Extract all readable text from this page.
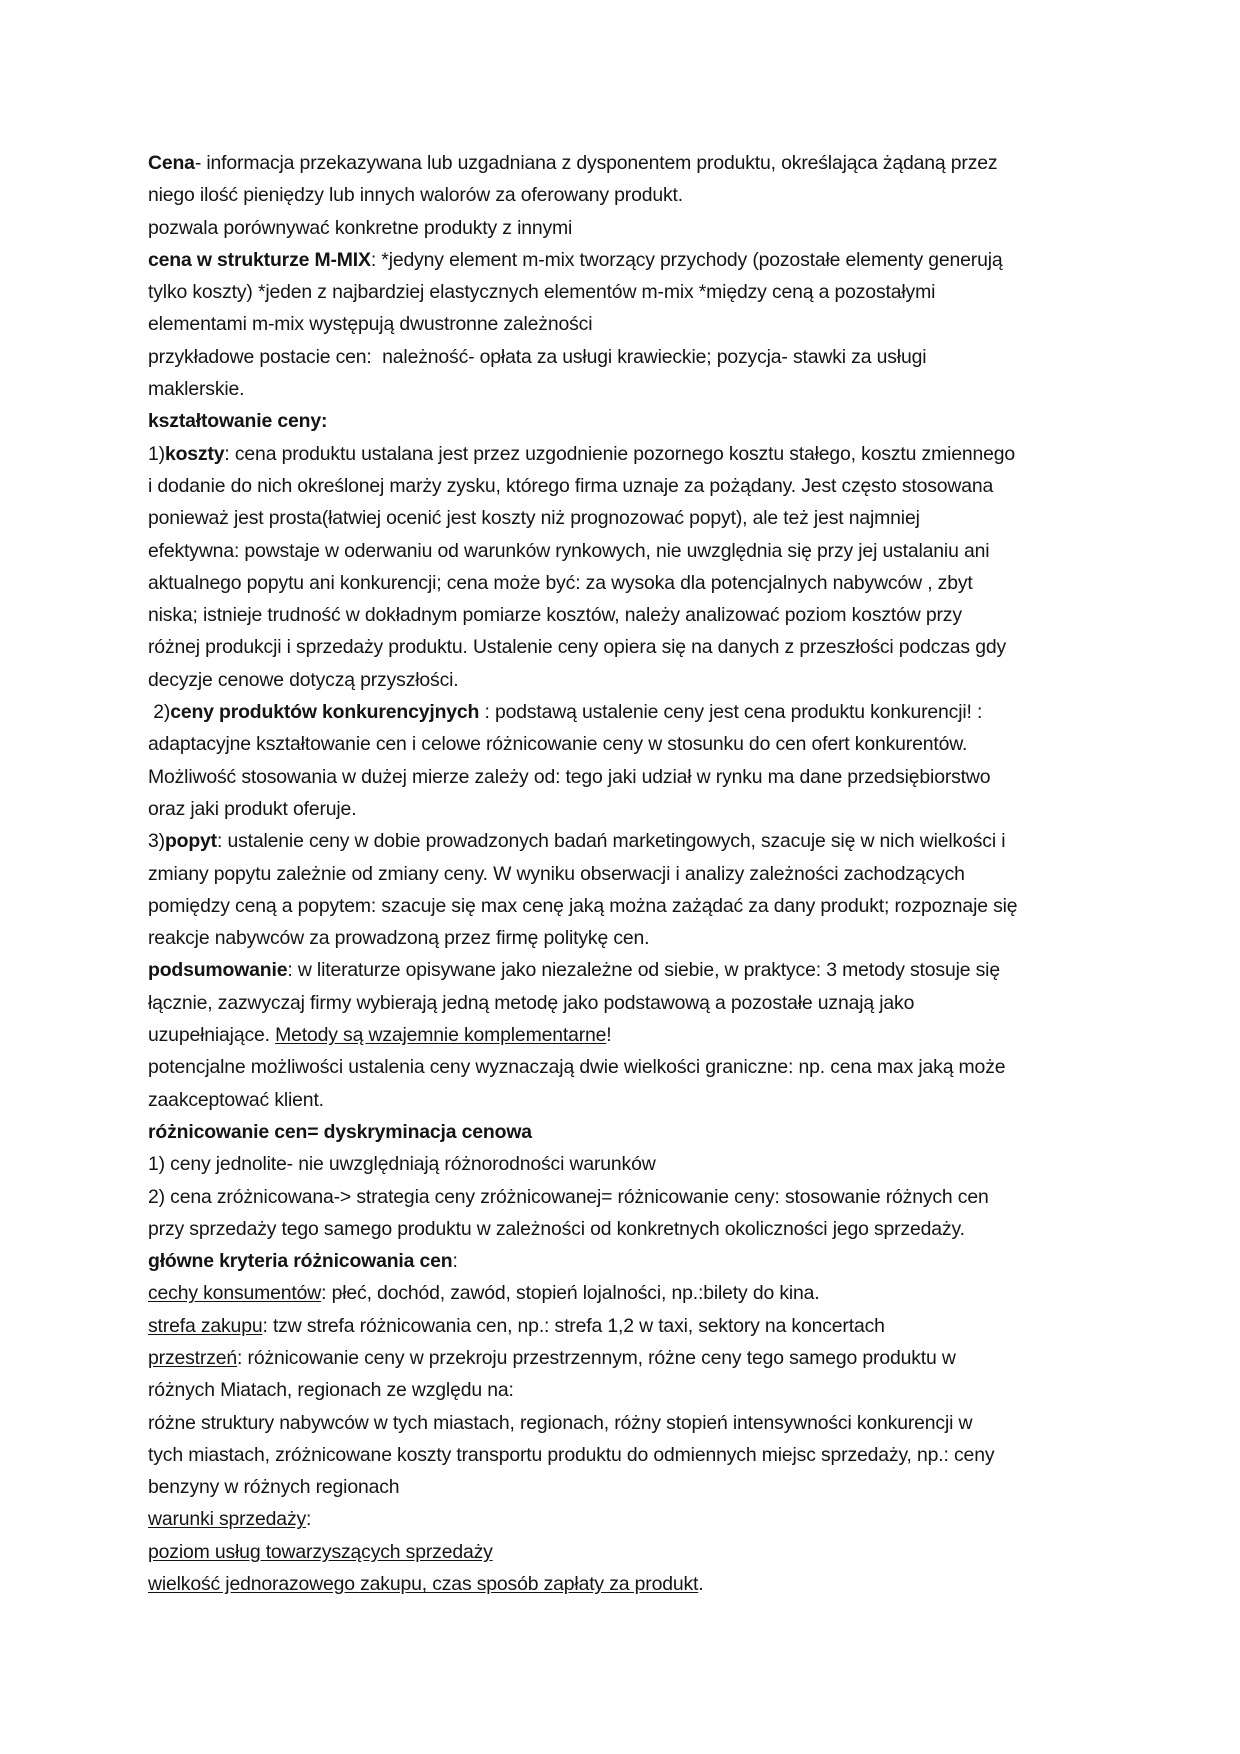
Cena- informacja przekazywana lub uzgadniana z dysponentem produktu, określająca żądaną przez
niego ilość pieniędzy lub innych walorów za oferowany produkt.
pozwala porównywać konkretne produkty z innymi
cena w strukturze M-MIX: *jedyny element m-mix tworzący przychody (pozostałe elementy generują
tylko koszty) *jeden z najbardziej elastycznych elementów m-mix *między ceną a pozostałymi
elementami m-mix występują dwustronne zależności
przykładowe postacie cen:  należność- opłata za usługi krawieckie; pozycja- stawki za usługi
maklerskie.
kształtowanie ceny:
1)koszty: cena produktu ustalana jest przez uzgodnienie pozornego kosztu stałego, kosztu zmiennego
i dodanie do nich określonej marży zysku, którego firma uznaje za pożądany. Jest często stosowana
ponieważ jest prosta(łatwiej ocenić jest koszty niż prognozować popyt), ale też jest najmniej
efektywna: powstaje w oderwaniu od warunków rynkowych, nie uwzględnia się przy jej ustalaniu ani
aktualnego popytu ani konkurencji; cena może być: za wysoka dla potencjalnych nabywców , zbyt
niska; istnieje trudność w dokładnym pomiarze kosztów, należy analizować poziom kosztów przy
różnej produkcji i sprzedaży produktu. Ustalenie ceny opiera się na danych z przeszłości podczas gdy
decyzje cenowe dotyczą przyszłości.
2)ceny produktów konkurencyjnych : podstawą ustalenie ceny jest cena produktu konkurencji! :
adaptacyjne kształtowanie cen i celowe różnicowanie ceny w stosunku do cen ofert konkurentów.
Możliwość stosowania w dużej mierze zależy od: tego jaki udział w rynku ma dane przedsiębiorstwo
oraz jaki produkt oferuje.
3)popyt: ustalenie ceny w dobie prowadzonych badań marketingowych, szacuje się w nich wielkości i
zmiany popytu zależnie od zmiany ceny. W wyniku obserwacji i analizy zależności zachodzących
pomiędzy ceną a popytem: szacuje się max cenę jaką można zażądać za dany produkt; rozpoznaje się
reakcje nabywców za prowadzoną przez firmę politykę cen.
podsumowanie: w literaturze opisywane jako niezależne od siebie, w praktyce: 3 metody stosuje się
łącznie, zazwyczaj firmy wybierają jedną metodę jako podstawową a pozostałe uznają jako
uzupełniające. Metody są wzajemnie komplementarne!
potencjalne możliwości ustalenia ceny wyznaczają dwie wielkości graniczne: np. cena max jaką może
zaakceptować klient.
różnicowanie cen= dyskryminacja cenowa
1) ceny jednolite- nie uwzględniają różnorodności warunków
2) cena zróżnicowana-> strategia ceny zróżnicowanej= różnicowanie ceny: stosowanie różnych cen
przy sprzedaży tego samego produktu w zależności od konkretnych okoliczności jego sprzedaży.
główne kryteria różnicowania cen:
cechy konsumentów: płeć, dochód, zawód, stopień lojalności, np.:bilety do kina.
strefa zakupu: tzw strefa różnicowania cen, np.: strefa 1,2 w taxi, sektory na koncertach
przestrzeń: różnicowanie ceny w przekroju przestrzennym, różne ceny tego samego produktu w
różnych Miatach, regionach ze względu na:
różne struktury nabywców w tych miastach, regionach, różny stopień intensywności konkurencji w
tych miastach, zróżnicowane koszty transportu produktu do odmiennych miejsc sprzedaży, np.: ceny
benzyny w różnych regionach
warunki sprzedaży:
poziom usług towarzyszących sprzedaży
wielkość jednorazowego zakupu, czas sposób zapłaty za produkt.
